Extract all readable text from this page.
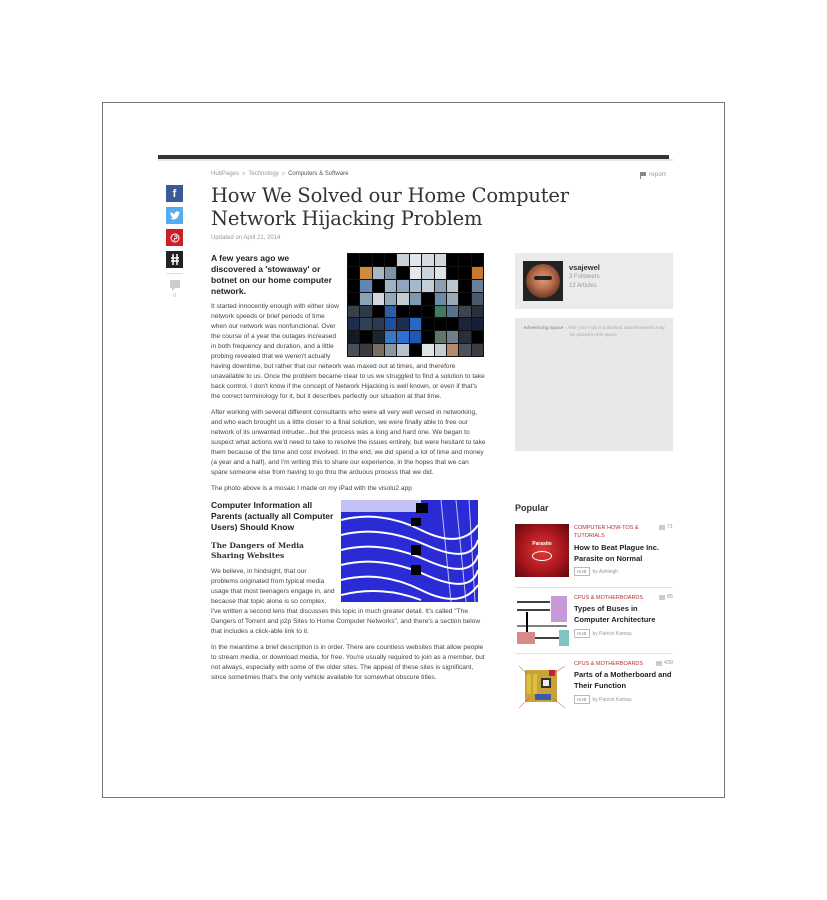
HubPages » Technology » Computers & Software	report
f
0
How We Solved our Home Computer Network Hijacking Problem
Updated on April 21, 2014
A few years ago we discovered a 'stowaway' or botnet on our home computer network.

It started innocently enough with either slow network speeds or brief periods of time when our network was nonfunctional. Over the course of a year the outages increased in both frequency and duration, and a little probing revealed that we weren't actually having downtime, but rather that our network was maxed out at times, and therefore unavailable to us. Once the problem became clear to us we struggled to find a solution to take back control. I don't know if the concept of Network Hijacking is well known, or even if that's the correct terminology for it, but it describes perfectly our situation at that time.

After working with several different consultants who were all very well versed in networking, and who each brought us a little closer to a final solution, we were finally able to free our network of its unwanted intruder...but the process was a long and hard one. We began to suspect what actions we'd need to take to resolve the issues entirely, but were hesitant to take them because of the time and cost involved. In the end, we did spend a lot of time and money (a year and a half), and I'm writing this to share our experience, in the hopes that we can spare someone else from having to go thru the arduous process that we did.

The photo above is a mosaic I made on my iPad with the visolu2 app

Computer Information all Parents (actually all Computer Users) Should Know
The Dangers of Media Sharing Websites

We believe, in hindsight, that our problems originated from typical media usage that most teenagers engage in, and because that topic alone is so complex, I've written a second lens that discusses this topic in much greater detail. It's called "The Dangers of Torrent and p2p Sites to Home Computer Networks", and there's a section below that includes a click-able link to it.

In the meantime a brief description is in order. There are countless websites that allow people to stream media, or download media, for free. You're usually required to join as a member, but not always, especially with some of the older sites. The appeal of these sites is significant, since sometimes that's the only vehicle available for somewhat obscure titles.

vsajewel
3 Followers
12 Articles
Advertising Space - After your Hub is published advertisements may be placed in this space.
Popular
Parasite
COMPUTER HOW-TOS & TUTORIALS
71
How to Beat Plague Inc. Parasite on Normal
HUB	by Ashleigh
CPUS & MOTHERBOARDS	85
Types of Buses in Computer Architecture
HUB	by Patrick Kamau
CPUS & MOTHERBOARDS	439
Parts of a Motherboard and Their Function
HUB	by Patrick Kamau
